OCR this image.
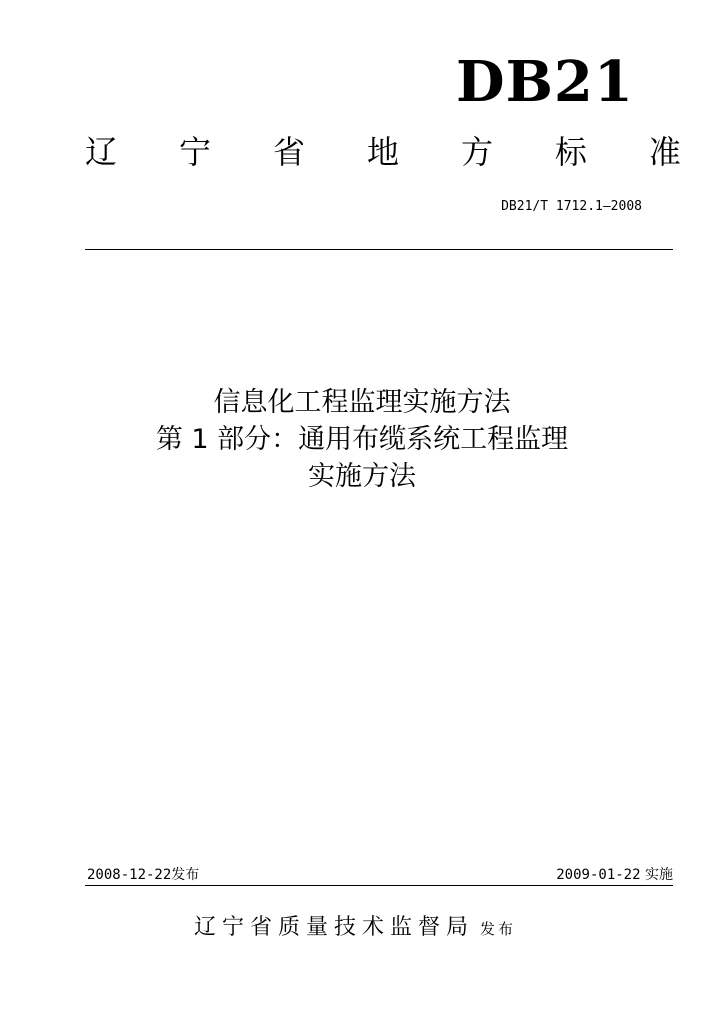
DB21
辽 宁 省 地 方 标 准
DB21/T 1712.1—2008
信息化工程监理实施方法
第 1 部分：通用布缆系统工程监理
实施方法
2008-12-22发布	2009-01-22 实施
辽宁省质量技术监督局 发布
